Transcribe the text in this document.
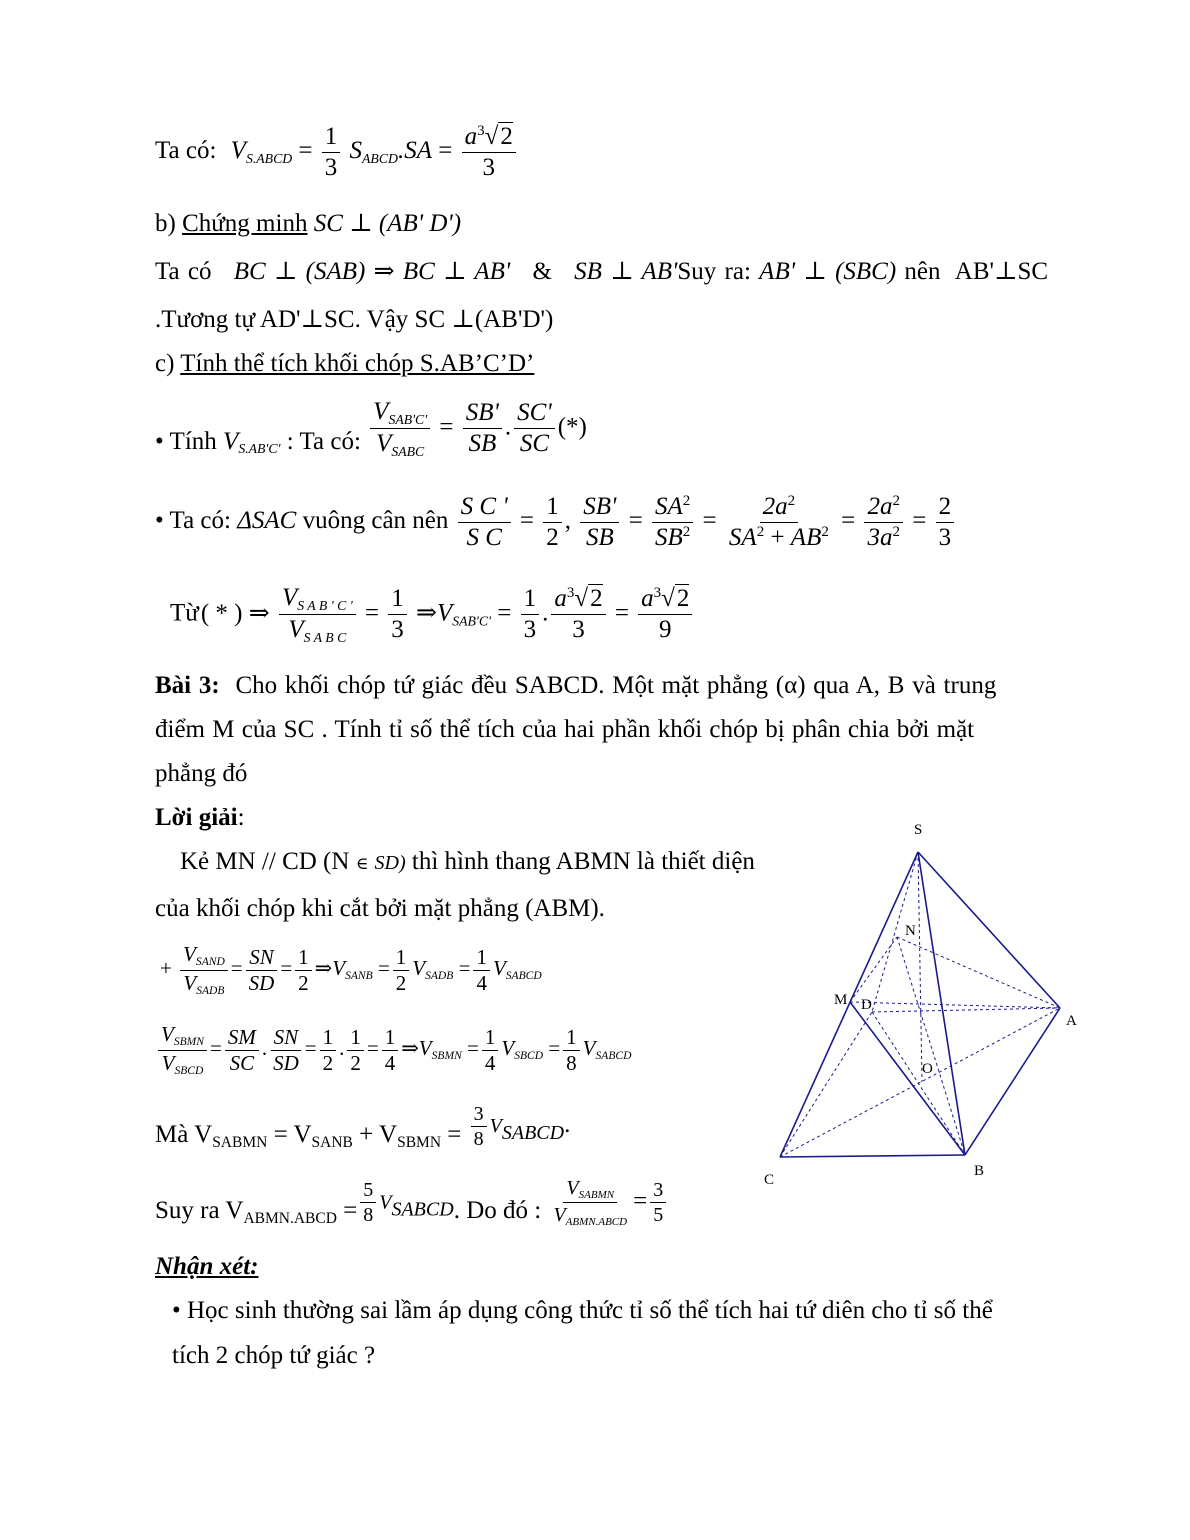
Ta có: $V_{S.ABCD} = \frac{1}{3} S_{ABCD}.SA = \frac{a^3√2}{3}$
b) Chứng minh SC ⊥ (AB' D')
Ta có BC ⊥ (SAB) ⇒ BC ⊥ AB' & SB ⊥ AB'Suy ra: AB' ⊥ (SBC) nên AB'⊥SC
.Tương tự AD'⊥SC. Vậy SC ⊥(AB'D')
c) Tính thể tích khối chóp S.AB’C’D’
• Tính $V_{S.AB'C'}$ : Ta có: $\frac{V_{SAB'C'}}{V_{SABC}} = \frac{SB'}{SB}$ . $\frac{SC'}{SC}$ (*)
• Ta có: ΔSAC vuông cân nên $\frac{\text{S C '}}{\text{S C}} = \frac{1}{2}$ , $\frac{SB'}{SB} = \frac{SA^2}{SB^2} = \frac{2a^2}{SA^2 + AB^2} = \frac{2a^2}{3a^2} = \frac{2}{3}$
Từ( * ) ⇒ $\frac{V_{S A B ' C '}}{V_{S A B C}} = \frac{1}{3}$ $\Rightarrow V_{SAB'C'} = \frac{1}{3}$ . $\frac{a^3√2}{3} = \frac{a^3√2}{9}$
Bài 3: Cho khối chóp tứ giác đều SABCD. Một mặt phẳng (α) qua A, B và trung
điểm M của SC . Tính tỉ số thể tích của hai phần khối chóp bị phân chia bởi mặt
phẳng đó
Lời giải:
Kẻ MN // CD (N ∈ SD) thì hình thang ABMN là thiết diện
của khối chóp khi cắt bởi mặt phẳng (ABM).
+ $\frac{V_{SAND}}{V_{SADB}} = \frac{SN}{SD} = \frac{1}{2}$ $\Rightarrow V_{SANB} = \frac{1}{2} V_{SADB} = \frac{1}{4} V_{SABCD}$
$\frac{V_{SBMN}}{V_{SBCD}} = \frac{SM}{SC}$ . $\frac{SN}{SD} = \frac{1}{2}$ . $\frac{1}{2} = \frac{1}{4}$ $\Rightarrow V_{SBMN} = \frac{1}{4} V_{SBCD} = \frac{1}{8} V_{SABCD}$
Mà $V_{SABMN} = V_{SANB} + V_{SBMN} = \frac{3}{8} V_{SABCD}$.
Suy ra $V_{ABMN.ABCD} = \frac{5}{8} V_{SABCD}$. Do đó : $\frac{V_{SABMN}}{V_{ABMN.ABCD}} = \frac{3}{5}$
Nhận xét:
• Học sinh thường sai lầm áp dụng công thức tỉ số thể tích hai tứ diên cho tỉ số thể
tích 2 chóp tứ giác ?
S
N
M D
A
O
C
B
